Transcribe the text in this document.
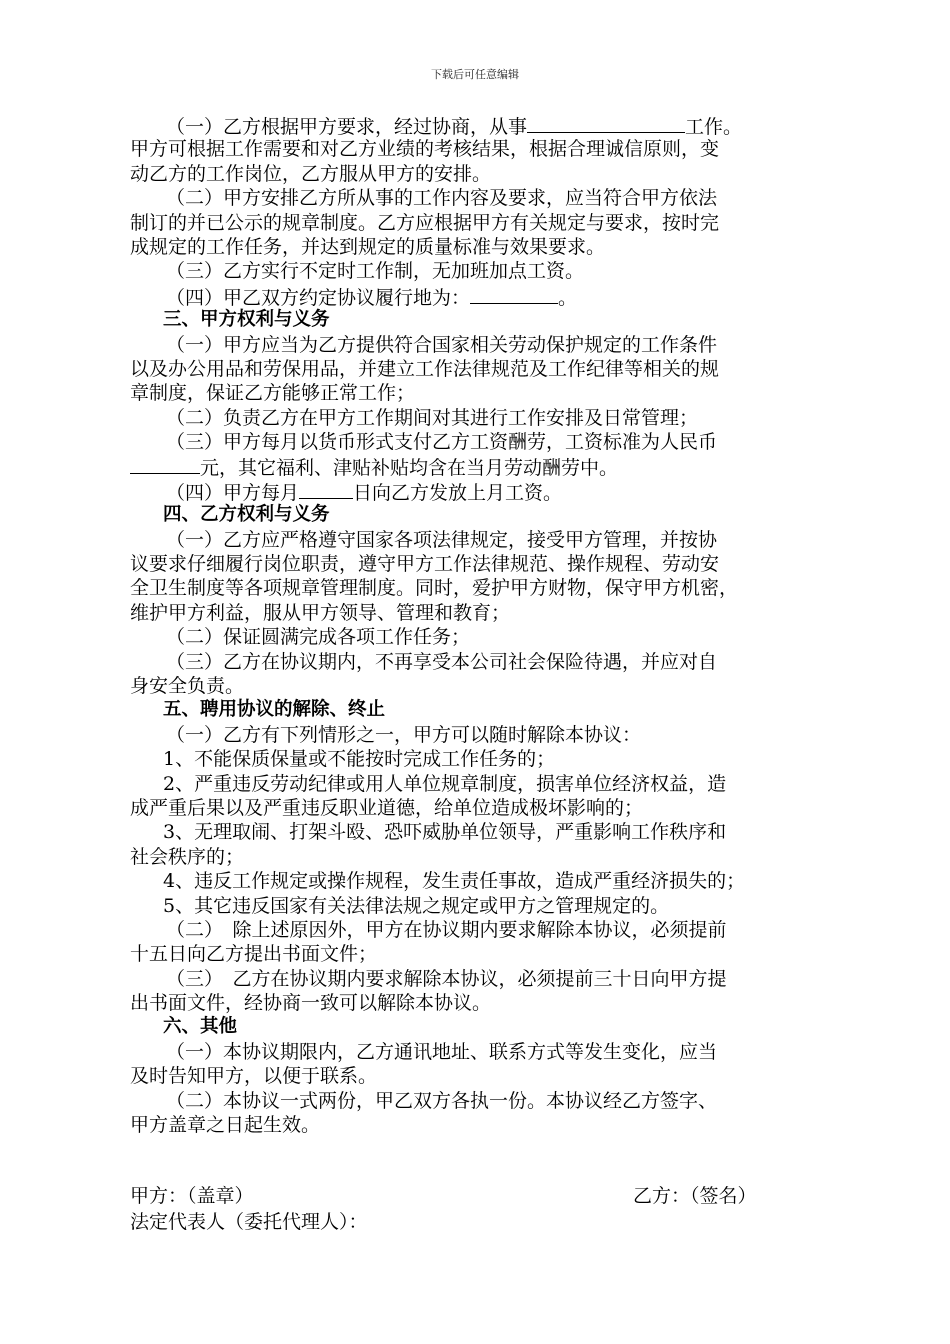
下载后可任意编辑
（一）乙方根据甲方要求，经过协商，从事	工作。
甲方可根据工作需要和对乙方业绩的考核结果，根据合理诚信原则，变
动乙方的工作岗位，乙方服从甲方的安排。
（二）甲方安排乙方所从事的工作内容及要求，应当符合甲方依法
制订的并已公示的规章制度。乙方应根据甲方有关规定与要求，按时完
成规定的工作任务，并达到规定的质量标准与效果要求。
（三）乙方实行不定时工作制，无加班加点工资。
（四）甲乙双方约定协议履行地为：	。
三、甲方权利与义务
（一）甲方应当为乙方提供符合国家相关劳动保护规定的工作条件
以及办公用品和劳保用品，并建立工作法律规范及工作纪律等相关的规
章制度，保证乙方能够正常工作；
（二）负责乙方在甲方工作期间对其进行工作安排及日常管理；
（三）甲方每月以货币形式支付乙方工资酬劳，工资标准为人民币
元，其它福利、津贴补贴均含在当月劳动酬劳中。
（四）甲方每月	日向乙方发放上月工资。
四、乙方权利与义务
（一）乙方应严格遵守国家各项法律规定，接受甲方管理，并按协
议要求仔细履行岗位职责，遵守甲方工作法律规范、操作规程、劳动安
全卫生制度等各项规章管理制度。同时，爱护甲方财物，保守甲方机密，
维护甲方利益，服从甲方领导、管理和教育；
（二）保证圆满完成各项工作任务；
（三）乙方在协议期内，不再享受本公司社会保险待遇，并应对自
身安全负责。
五、聘用协议的解除、终止
（一）乙方有下列情形之一，甲方可以随时解除本协议：
1、不能保质保量或不能按时完成工作任务的；
2、严重违反劳动纪律或用人单位规章制度，损害单位经济权益，造
成严重后果以及严重违反职业道德，给单位造成极坏影响的；
3、无理取闹、打架斗殴、恐吓威胁单位领导，严重影响工作秩序和
社会秩序的；
4、违反工作规定或操作规程，发生责任事故，造成严重经济损失的；
5、其它违反国家有关法律法规之规定或甲方之管理规定的。
（二）　除上述原因外，甲方在协议期内要求解除本协议，必须提前
十五日向乙方提出书面文件；
（三）　乙方在协议期内要求解除本协议，必须提前三十日向甲方提
出书面文件，经协商一致可以解除本协议。
六、其他
（一）本协议期限内，乙方通讯地址、联系方式等发生变化，应当
及时告知甲方，以便于联系。
（二）本协议一式两份，甲乙双方各执一份。本协议经乙方签字、
甲方盖章之日起生效。
甲方：（盖章）	乙方：（签名）
法定代表人（委托代理人）：
